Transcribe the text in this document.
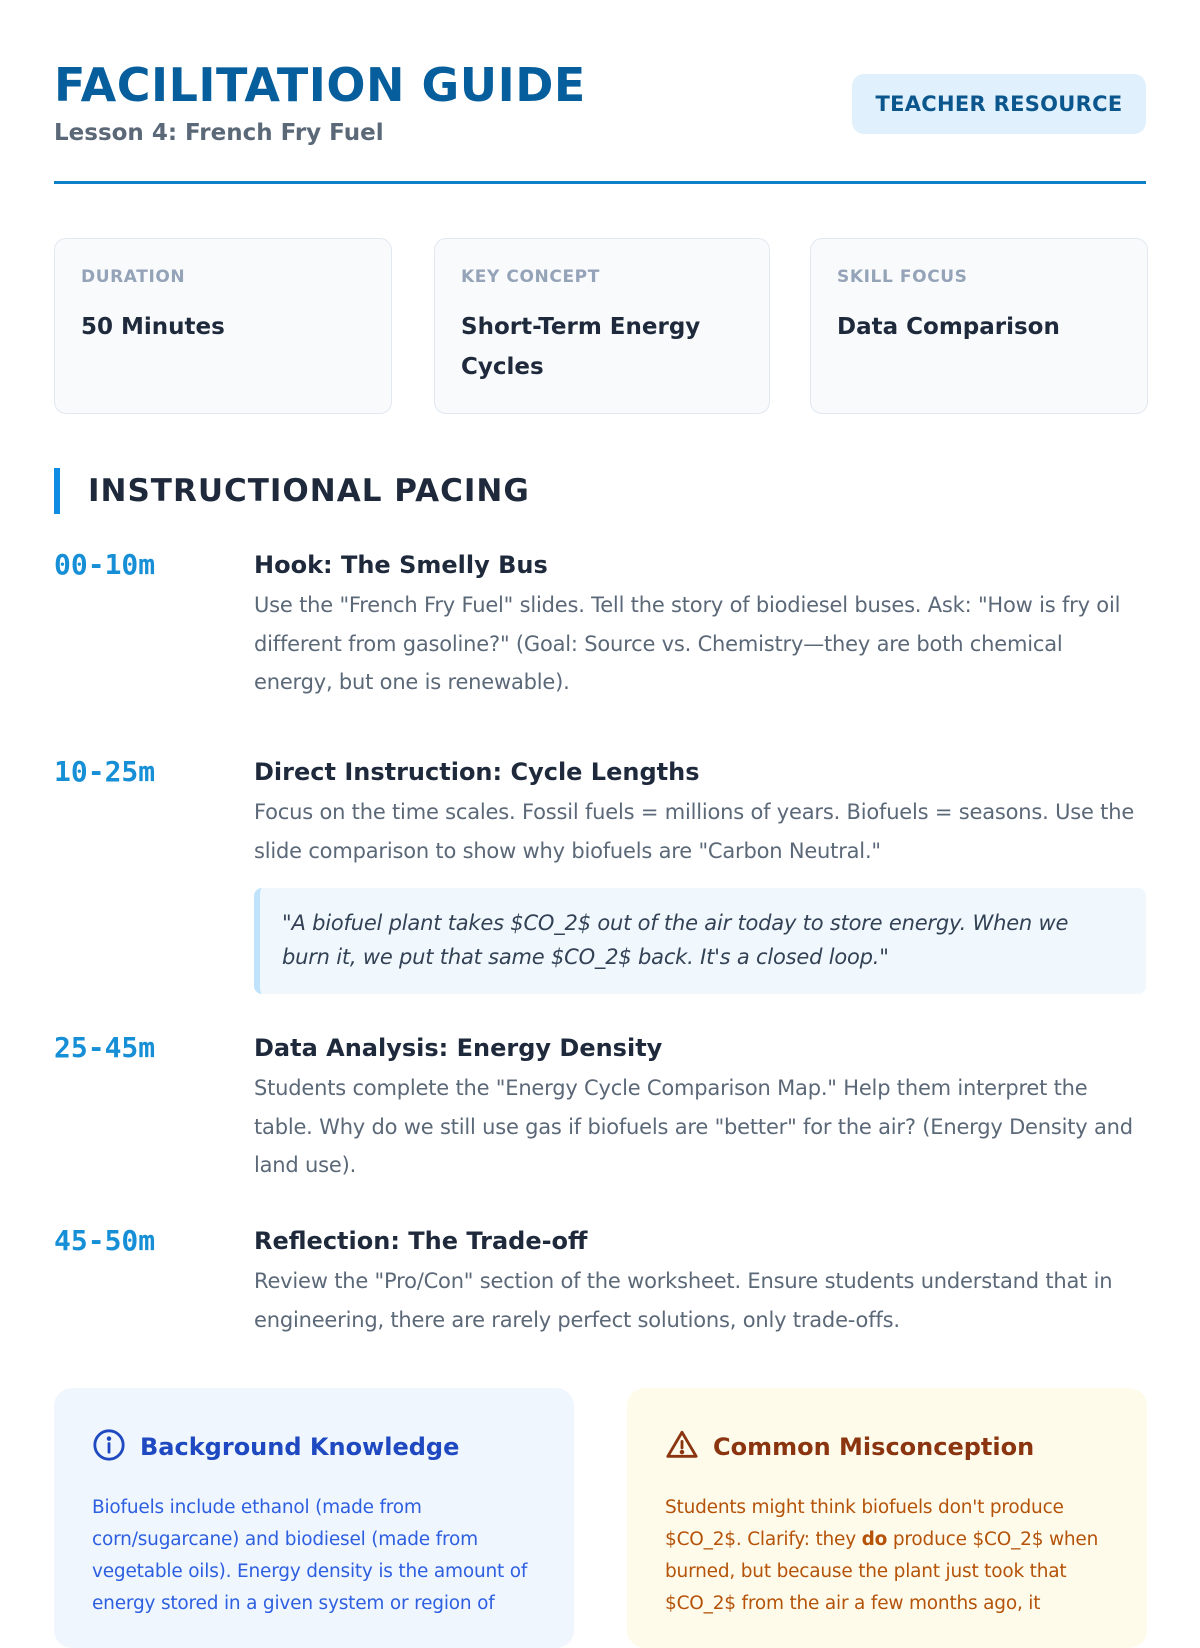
FACILITATION GUIDE
Lesson 4: French Fry Fuel
TEACHER RESOURCE
DURATION
50 Minutes
KEY CONCEPT
Short-Term Energy Cycles
SKILL FOCUS
Data Comparison
INSTRUCTIONAL PACING
00-10m	Hook: The Smelly Bus
Use the "French Fry Fuel" slides. Tell the story of biodiesel buses. Ask: "How is fry oil different from gasoline?" (Goal: Source vs. Chemistry—they are both chemical energy, but one is renewable).
10-25m	Direct Instruction: Cycle Lengths
Focus on the time scales. Fossil fuels = millions of years. Biofuels = seasons. Use the slide comparison to show why biofuels are "Carbon Neutral."
"A biofuel plant takes $CO_2$ out of the air today to store energy. When we burn it, we put that same $CO_2$ back. It's a closed loop."
25-45m	Data Analysis: Energy Density
Students complete the "Energy Cycle Comparison Map." Help them interpret the table. Why do we still use gas if biofuels are "better" for the air? (Energy Density and land use).
45-50m	Reflection: The Trade-off
Review the "Pro/Con" section of the worksheet. Ensure students understand that in engineering, there are rarely perfect solutions, only trade-offs.
Background Knowledge
Biofuels include ethanol (made from corn/sugarcane) and biodiesel (made from vegetable oils). Energy density is the amount of energy stored in a given system or region of
Common Misconception
Students might think biofuels don't produce $CO_2$. Clarify: they do produce $CO_2$ when burned, but because the plant just took that $CO_2$ from the air a few months ago, it
